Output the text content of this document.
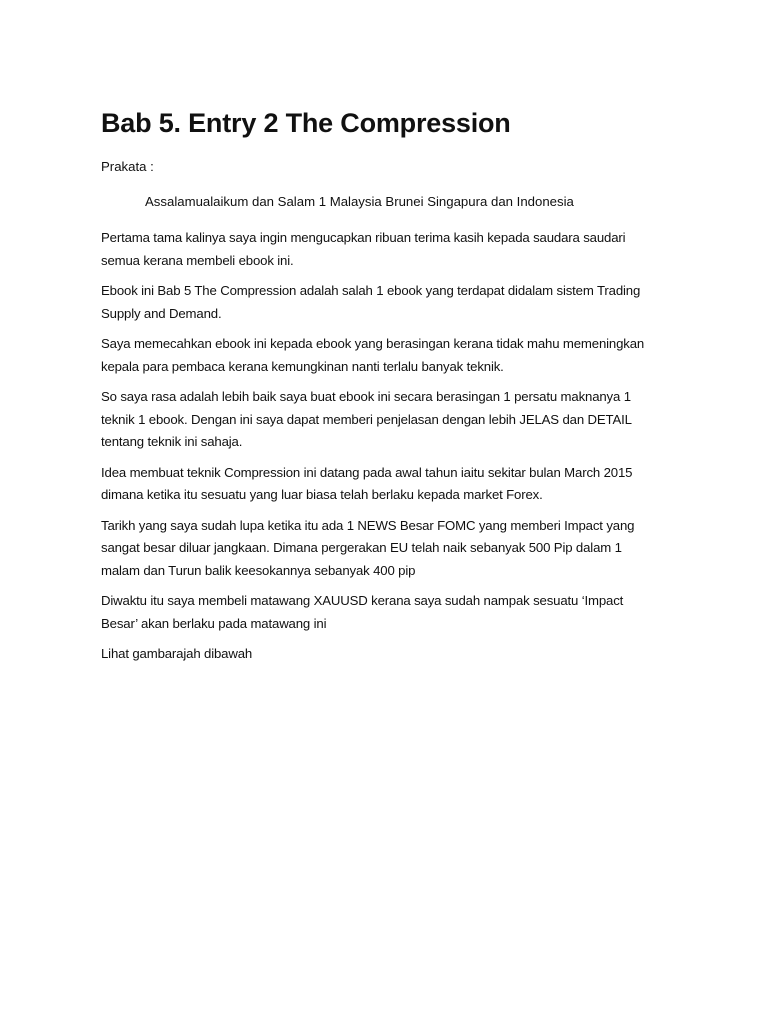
Bab 5. Entry 2 The Compression

Prakata :

Assalamualaikum dan Salam 1 Malaysia Brunei Singapura dan Indonesia

Pertama tama kalinya saya ingin mengucapkan ribuan terima kasih kepada saudara saudari
semua kerana membeli ebook ini.

Ebook ini Bab 5 The Compression adalah salah 1 ebook yang terdapat didalam sistem Trading
Supply and Demand.

Saya memecahkan ebook ini kepada ebook yang berasingan kerana tidak mahu memeningkan
kepala para pembaca kerana kemungkinan nanti terlalu banyak teknik.

So saya rasa adalah lebih baik saya buat ebook ini secara berasingan 1 persatu maknanya 1
teknik 1 ebook. Dengan ini saya dapat memberi penjelasan dengan lebih JELAS dan DETAIL
tentang teknik ini sahaja.

Idea membuat teknik Compression ini datang pada awal tahun iaitu sekitar bulan March 2015
dimana ketika itu sesuatu yang luar biasa telah berlaku kepada market Forex.

Tarikh yang saya sudah lupa ketika itu ada 1 NEWS Besar FOMC yang memberi Impact yang
sangat besar diluar jangkaan. Dimana pergerakan EU telah naik sebanyak 500 Pip dalam 1
malam dan Turun balik keesokannya sebanyak 400 pip

Diwaktu itu saya membeli matawang XAUUSD kerana saya sudah nampak sesuatu ‘Impact
Besar’ akan berlaku pada matawang ini

Lihat gambarajah dibawah
